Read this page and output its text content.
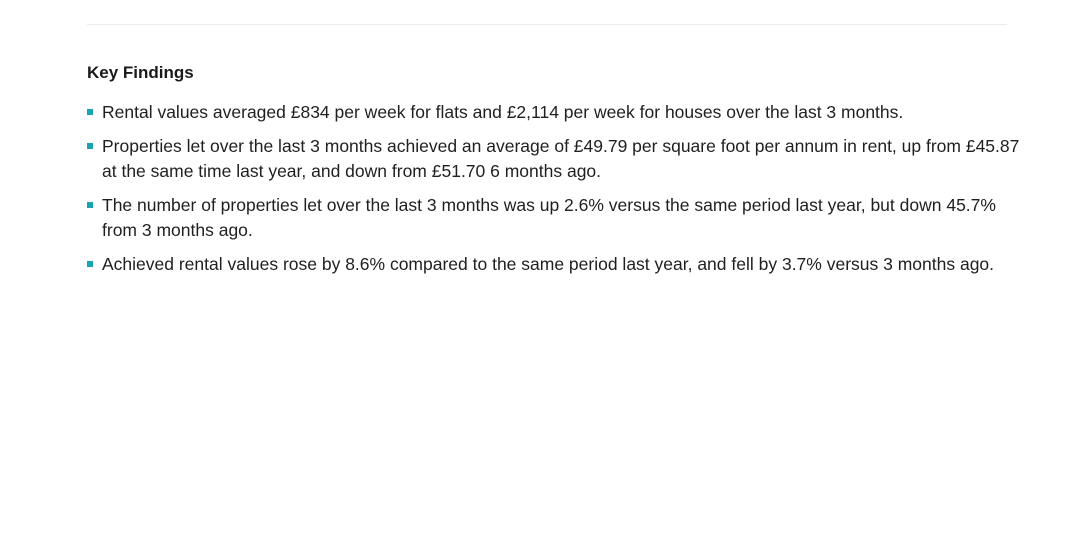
Key Findings
Rental values averaged £834 per week for flats and £2,114 per week for houses over the last 3 months.
Properties let over the last 3 months achieved an average of £49.79 per square foot per annum in rent, up from £45.87 at the same time last year, and down from £51.70 6 months ago.
The number of properties let over the last 3 months was up 2.6% versus the same period last year, but down 45.7% from 3 months ago.
Achieved rental values rose by 8.6% compared to the same period last year, and fell by 3.7% versus 3 months ago.
